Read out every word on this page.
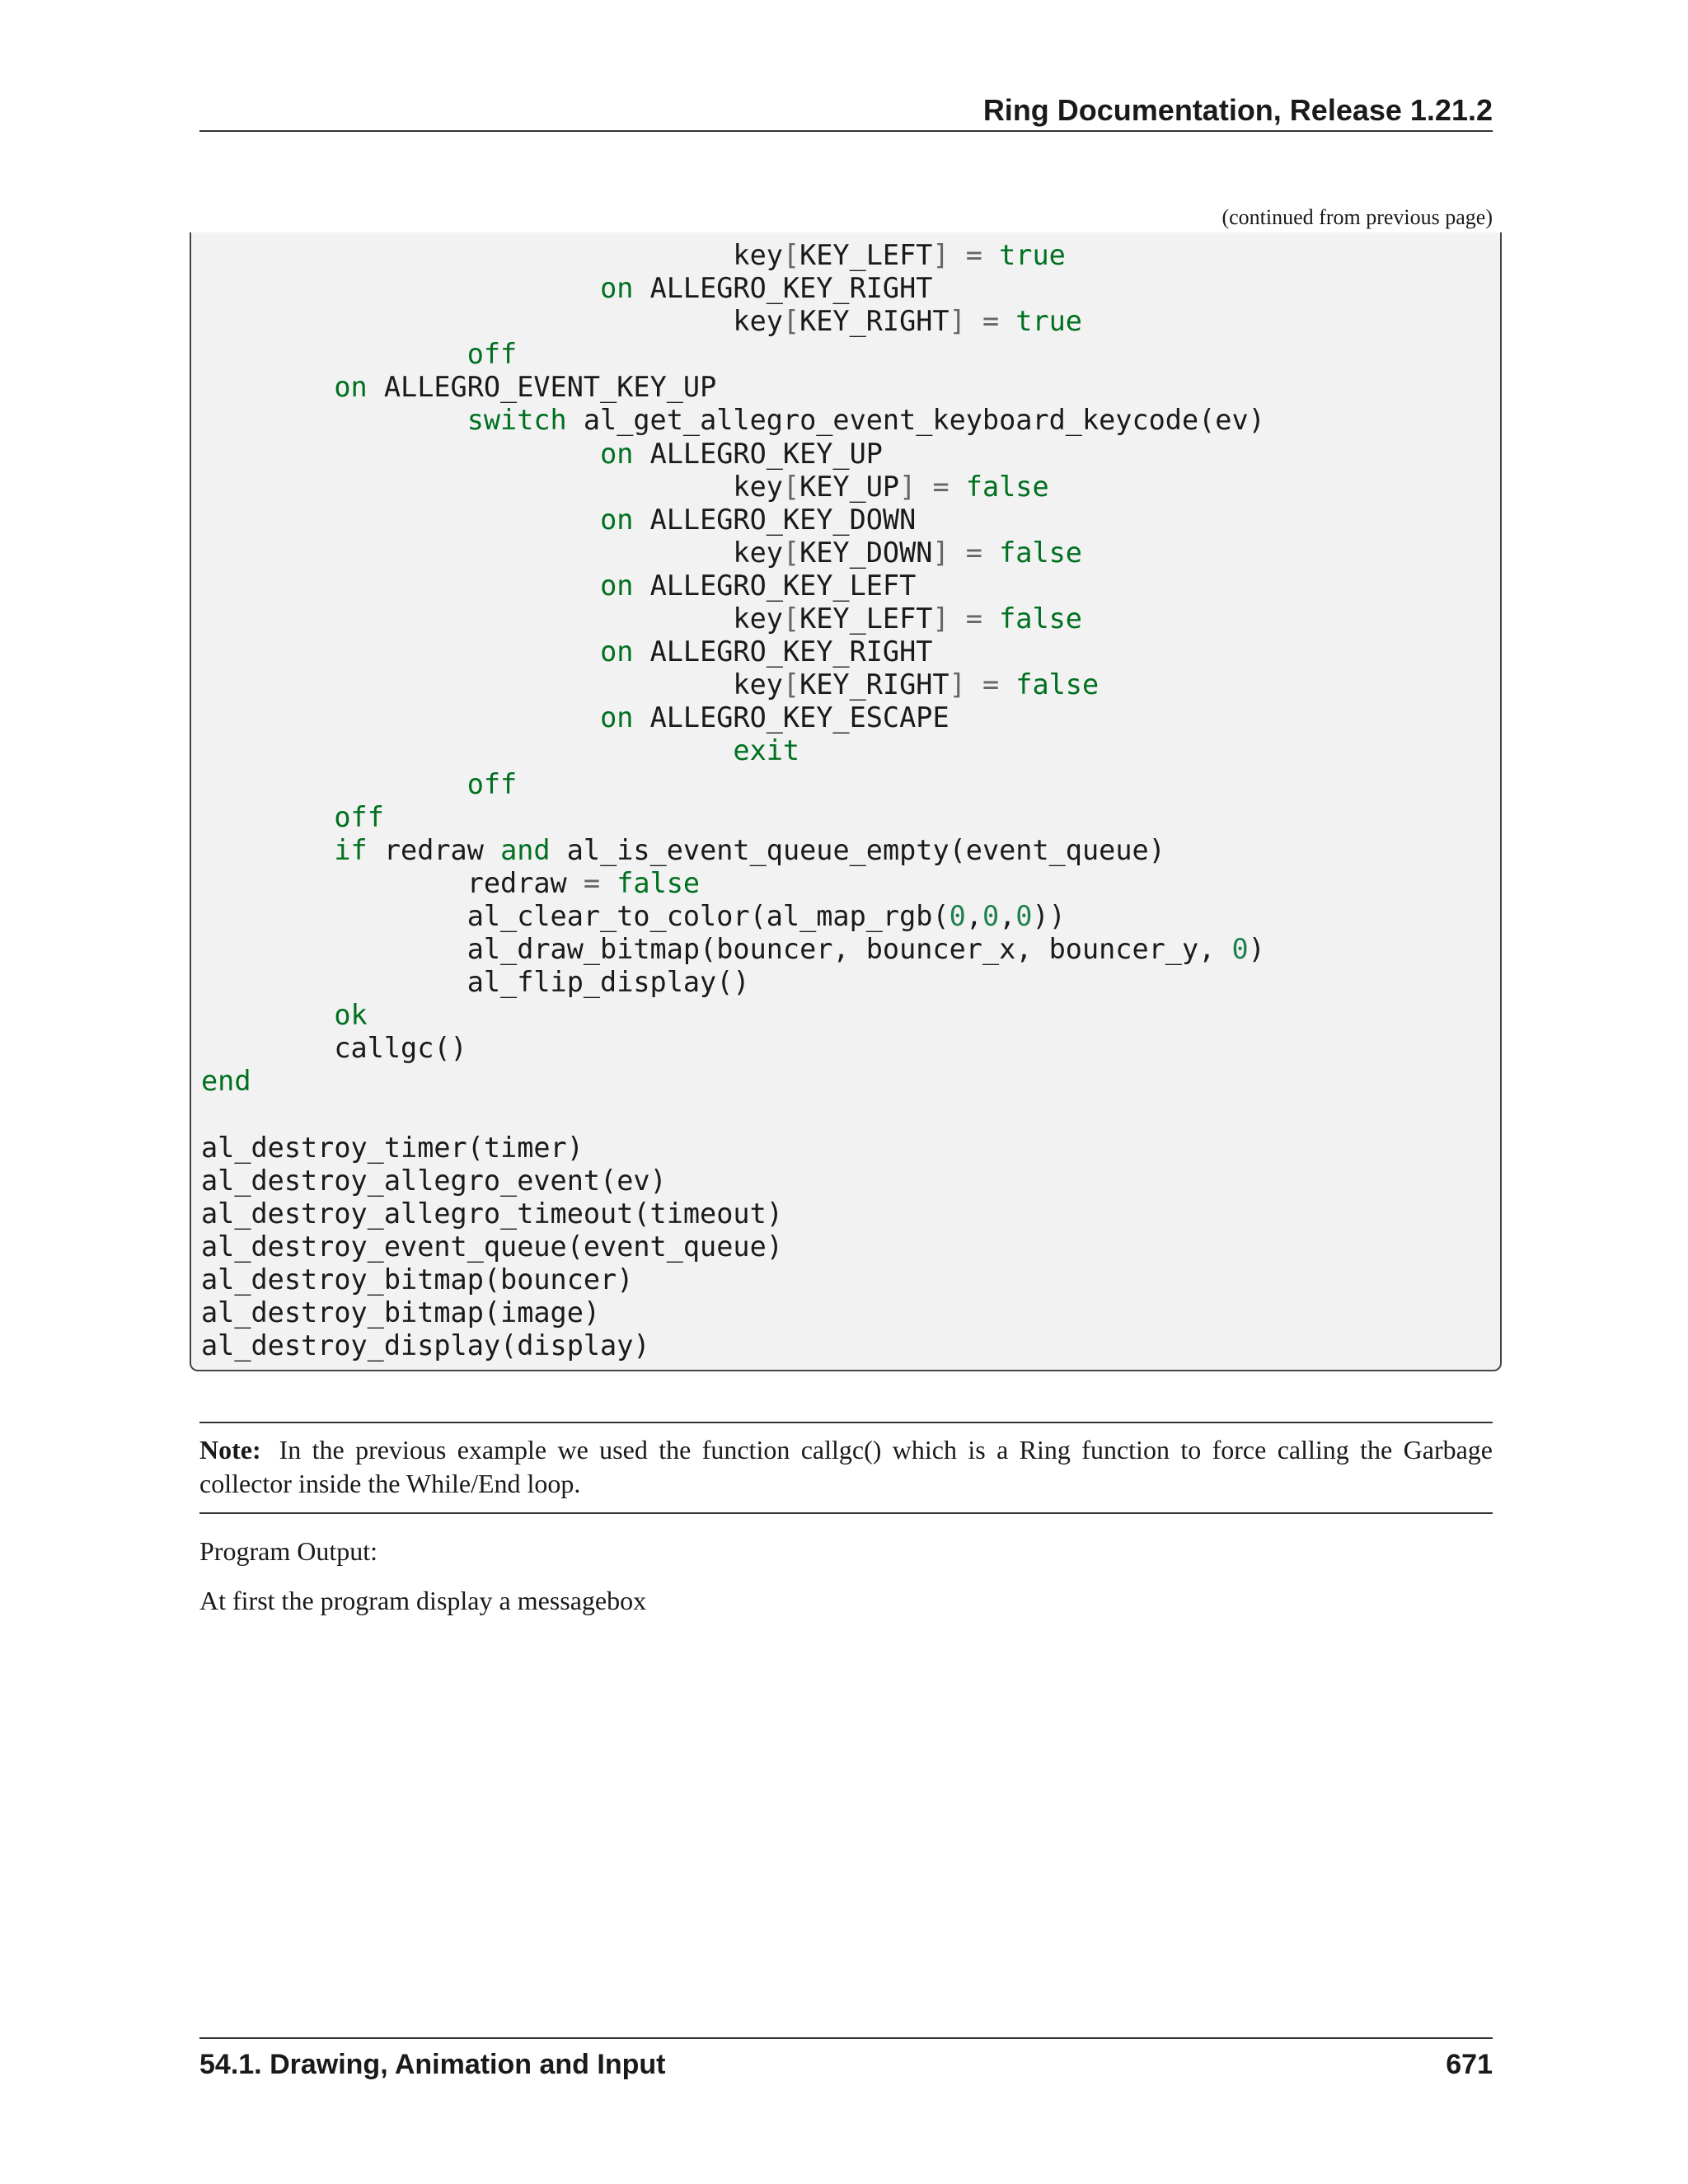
Ring Documentation, Release 1.21.2
(continued from previous page)
key[KEY_LEFT] = true
on ALLEGRO_KEY_RIGHT
key[KEY_RIGHT] = true
off
on ALLEGRO_EVENT_KEY_UP
switch al_get_allegro_event_keyboard_keycode(ev)
on ALLEGRO_KEY_UP
key[KEY_UP] = false
on ALLEGRO_KEY_DOWN
key[KEY_DOWN] = false
on ALLEGRO_KEY_LEFT
key[KEY_LEFT] = false
on ALLEGRO_KEY_RIGHT
key[KEY_RIGHT] = false
on ALLEGRO_KEY_ESCAPE
exit
off
off
if redraw and al_is_event_queue_empty(event_queue)
redraw = false
al_clear_to_color(al_map_rgb(0,0,0))
al_draw_bitmap(bouncer, bouncer_x, bouncer_y, 0)
al_flip_display()
ok
callgc()
end
al_destroy_timer(timer)
al_destroy_allegro_event(ev)
al_destroy_allegro_timeout(timeout)
al_destroy_event_queue(event_queue)
al_destroy_bitmap(bouncer)
al_destroy_bitmap(image)
al_destroy_display(display)
Note: In the previous example we used the function callgc() which is a Ring function to force calling the Garbage collector inside the While/End loop.
Program Output:
At first the program display a messagebox
54.1. Drawing, Animation and Input	671
